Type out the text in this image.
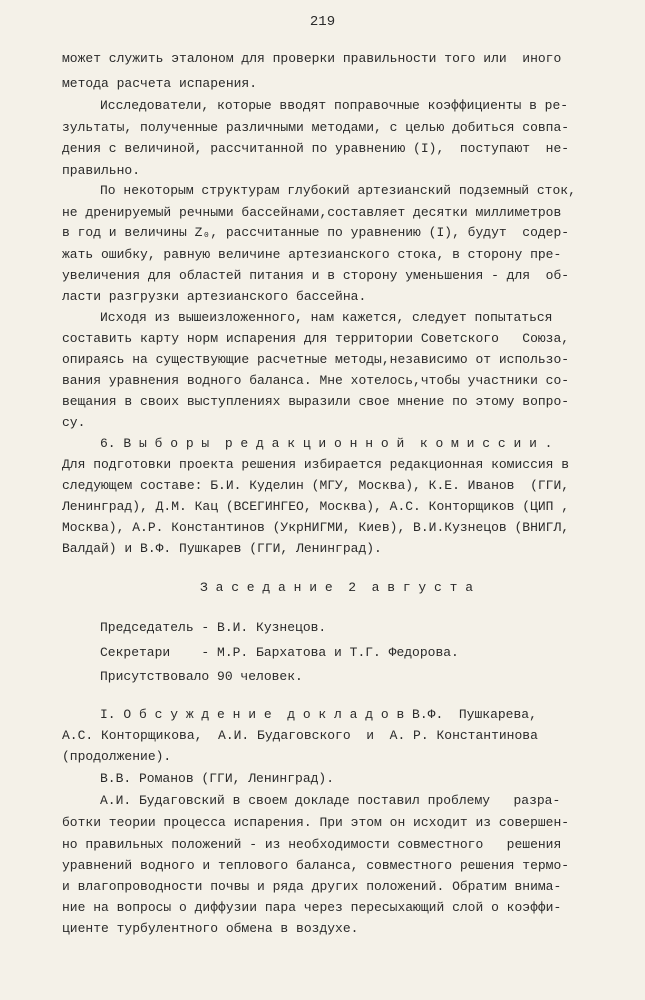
219
может служить эталоном для проверки правильности того или  иного
метода расчета испарения.
Исследователи, которые вводят поправочные коэффициенты в ре-
зультаты, полученные различными методами, с целью добиться совпа-
дения с величиной, рассчитанной по уравнению (I),  поступают  не-
правильно.
По некоторым структурам глубокий артезианский подземный сток,
не дренируемый речными бассейнами,составляет десятки миллиметров
в год и величины Z₀, рассчитанные по уравнению (I), будут  содер-
жать ошибку, равную величине артезианского стока, в сторону пре-
увеличения для областей питания и в сторону уменьшения - для  об-
ласти разгрузки артезианского бассейна.
Исходя из вышеизложенного, нам кажется, следует попытаться
составить карту норм испарения для территории Советского   Союза,
опираясь на существующие расчетные методы,независимо от использо-
вания уравнения водного баланса. Мне хотелось,чтобы участники со-
вещания в своих выступлениях выразили свое мнение по этому вопро-
су.
6. В ы б о р ы  р е д а к ц и о н н о й  к о м и с с и и .
Для подготовки проекта решения избирается редакционная комиссия в
следующем составе: Б.И. Куделин (МГУ, Москва), К.Е. Иванов  (ГГИ,
Ленинград), Д.М. Кац (ВСЕГИНГЕО, Москва), А.С. Конторщиков (ЦИП ,
Москва), А.Р. Константинов (УкрНИГМИ, Киев), В.И.Кузнецов (ВНИГЛ,
Валдай) и В.Ф. Пушкарев (ГГИ, Ленинград).
З а с е д а н и е  2  а в г у с т а
Председатель - В.И. Кузнецов.
Секретари    - М.Р. Бархатова и Т.Г. Федорова.
Присутствовало 90 человек.
I. О б с у ж д е н и е  д о к л а д о в В.Ф.  Пушкарева,
А.С. Конторщикова,  А.И. Будаговского  и  А. Р. Константинова
(продолжение).
В.В. Романов (ГГИ, Ленинград).
А.И. Будаговский в своем докладе поставил проблему   разра-
ботки теории процесса испарения. При этом он исходит из совершен-
но правильных положений - из необходимости совместного   решения
уравнений водного и теплового баланса, совместного решения термо-
и влагопроводности почвы и ряда других положений. Обратим внима-
ние на вопросы о диффузии пара через пересыхающий слой о коэффи-
циенте турбулентного обмена в воздухе.
